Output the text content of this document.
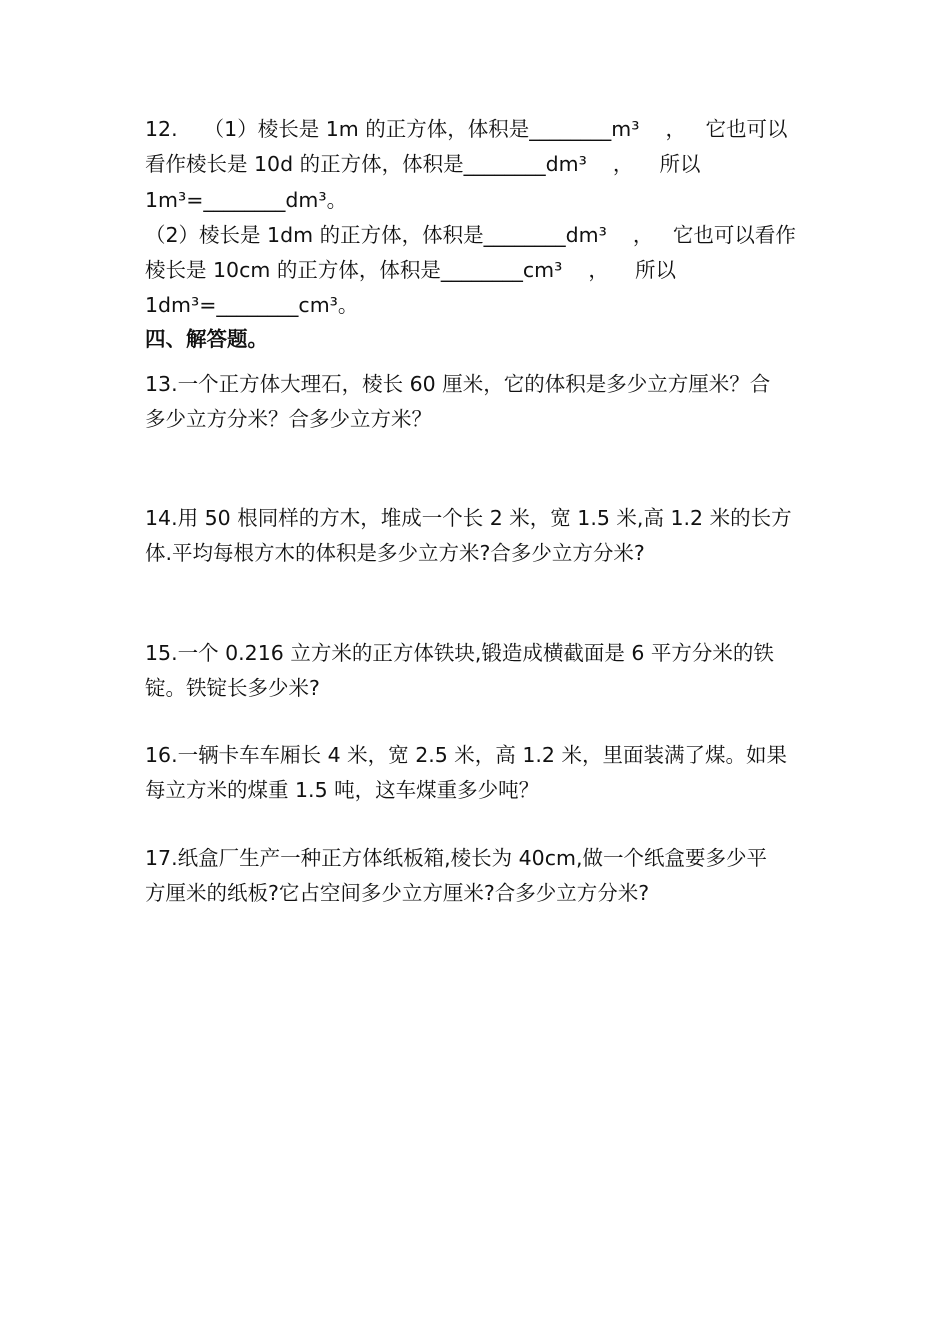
12.    （1）棱长是 1m 的正方体，体积是________m³    ，   它也可以
看作棱长是 10d 的正方体，体积是________dm³    ，    所以
1m³=________dm³。
（2）棱长是 1dm 的正方体，体积是________dm³    ，   它也可以看作
棱长是 10cm 的正方体，体积是________cm³    ，    所以
1dm³=________cm³。
四、解答题。
13.一个正方体大理石，棱长 60 厘米，它的体积是多少立方厘米？合
多少立方分米？合多少立方米？
14.用 50 根同样的方木，堆成一个长 2 米，宽 1.5 米,高 1.2 米的长方
体.平均每根方木的体积是多少立方米?合多少立方分米?
15.一个 0.216 立方米的正方体铁块,锻造成横截面是 6 平方分米的铁
锭。铁锭长多少米?
16.一辆卡车车厢长 4 米，宽 2.5 米，高 1.2 米，里面装满了煤。如果
每立方米的煤重 1.5 吨，这车煤重多少吨？
17.纸盒厂生产一种正方体纸板箱,棱长为 40cm,做一个纸盒要多少平
方厘米的纸板?它占空间多少立方厘米?合多少立方分米?
